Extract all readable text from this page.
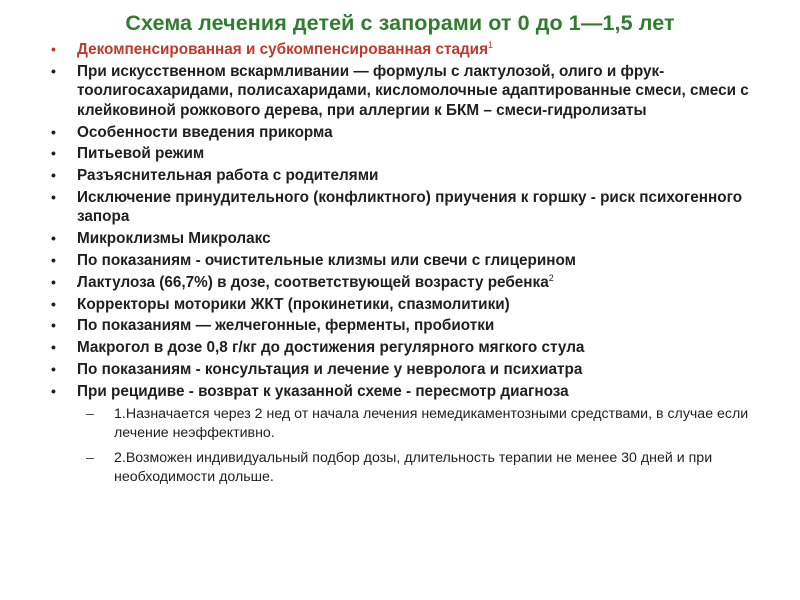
Схема лечения детей с запорами от 0 до 1—1,5 лет
• Декомпенсированная и субкомпенсированная стадия$^1$
• При искусственном вскармливании — формулы с лактулозой, олиго и фрук- тоолигосахаридами, полисахаридами, кисломолочные адаптированные смеси, смеси с клейковиной рожкового дерева, при аллергии к БКМ – смеси-гидролизаты
• Особенности введения прикорма
• Питьевой режим
• Разъяснительная работа с родителями
• Исключение принудительного (конфликтного) приучения к горшку - риск психогенного запора
• Микроклизмы Микролакс
• По показаниям - очистительные клизмы или свечи с глицерином
• Лактулоза (66,7%) в дозе, соответствующей возрасту ребенка$^2$
• Корректоры моторики ЖКТ (прокинетики, спазмолитики)
• По показаниям — желчегонные, ферменты, пробиотки
• Макрогол в дозе 0,8 г/кг до достижения регулярного мягкого стула
• По показаниям - консультация и лечение у невролога и психиатра
• При рецидиве - возврат к указанной схеме - пересмотр диагноза
– 1.Назначается через 2 нед от начала лечения немедикаментозными средствами, в случае если лечение неэффективно.
– 2.Возможен индивидуальный подбор дозы, длительность терапии не менее 30 дней и при необходимости дольше.
